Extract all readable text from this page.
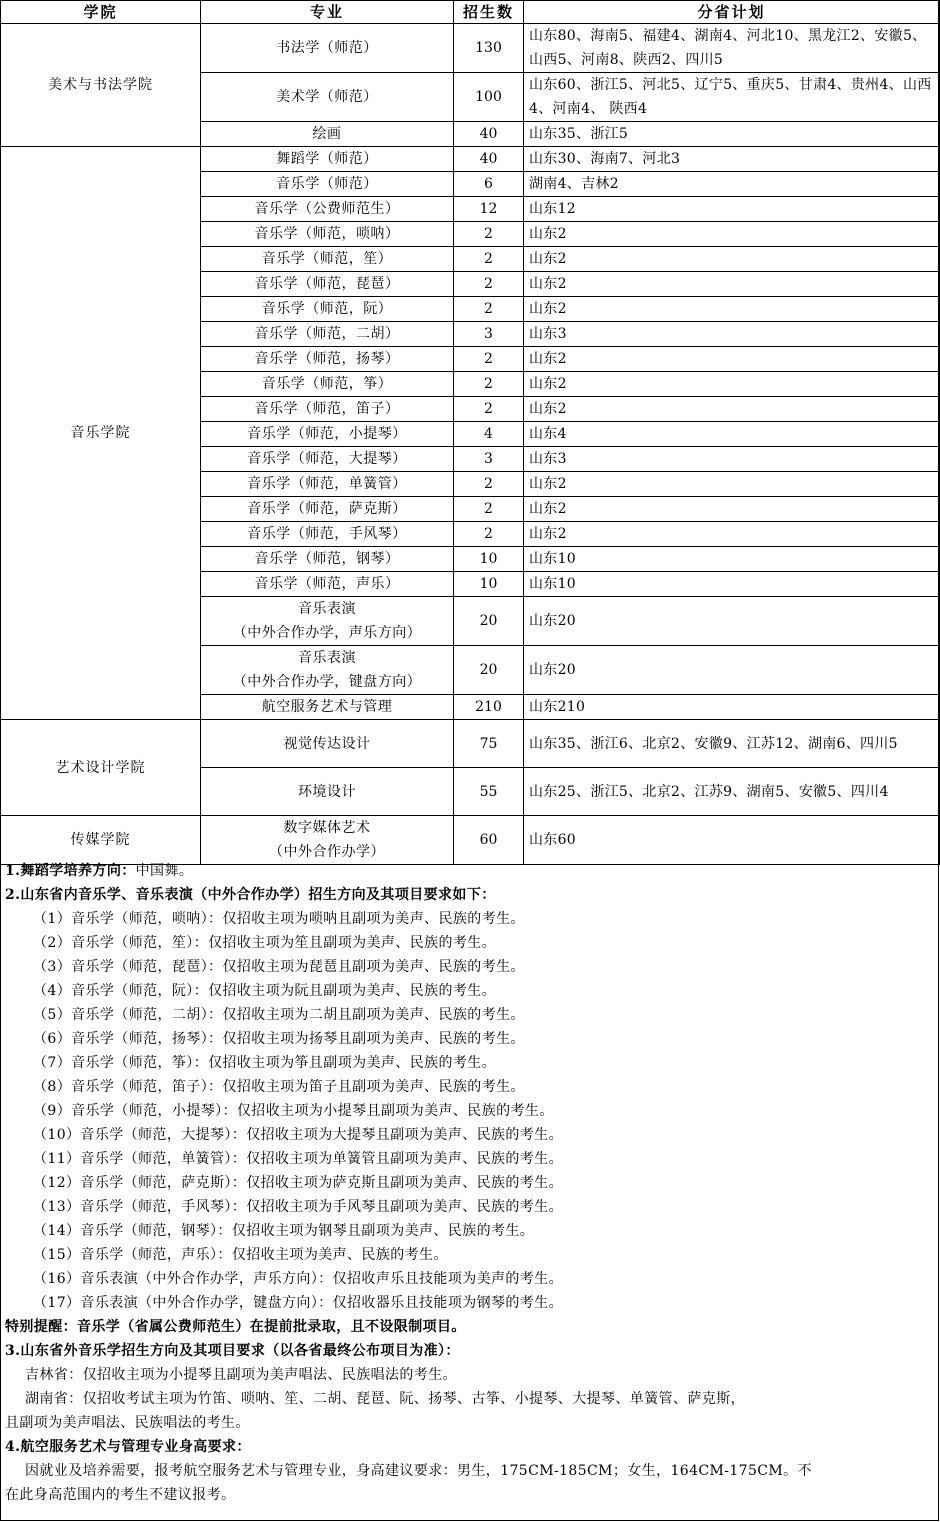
学院	专业	招生数	分省计划
美术与书法学院	书法学（师范）	130	山东80、海南5、福建4、湖南4、河北10、黑龙江2、安徽5、山西5、河南8、陕西2、四川5
	美术学（师范）	100	山东60、浙江5、河北5、辽宁5、重庆5、甘肃4、贵州4、山西4、河南4、 陕西4
	绘画	40	山东35、浙江5
音乐学院	舞蹈学（师范）	40	山东30、海南7、河北3
	音乐学（师范）	6	湖南4、吉林2
	音乐学（公费师范生）	12	山东12
	音乐学（师范，唢呐）	2	山东2
	音乐学（师范，笙）	2	山东2
	音乐学（师范，琵琶）	2	山东2
	音乐学（师范，阮）	2	山东2
	音乐学（师范，二胡）	3	山东3
	音乐学（师范，扬琴）	2	山东2
	音乐学（师范，筝）	2	山东2
	音乐学（师范，笛子）	2	山东2
	音乐学（师范，小提琴）	4	山东4
	音乐学（师范，大提琴）	3	山东3
	音乐学（师范，单簧管）	2	山东2
	音乐学（师范，萨克斯）	2	山东2
	音乐学（师范，手风琴）	2	山东2
	音乐学（师范，钢琴）	10	山东10
	音乐学（师范，声乐）	10	山东10

	音乐表演
（中外合作办学，声乐方向）	20	山东20

	音乐表演
（中外合作办学，键盘方向）	20	山东20
	航空服务艺术与管理	210	山东210
艺术设计学院	视觉传达设计	75	山东35、浙江6、北京2、安徽9、江苏12、湖南6、四川5
	环境设计	55	山东25、浙江5、北京2、江苏9、湖南5、安徽5、四川4
传媒学院	数字媒体艺术
（中外合作办学）	60	山东60
1.舞蹈学培养方向：中国舞。
2.山东省内音乐学、音乐表演（中外合作办学）招生方向及其项目要求如下：
（1）音乐学（师范，唢呐）：仅招收主项为唢呐且副项为美声、民族的考生。
（2）音乐学（师范，笙）：仅招收主项为笙且副项为美声、民族的考生。
（3）音乐学（师范，琵琶）：仅招收主项为琵琶且副项为美声、民族的考生。
（4）音乐学（师范，阮）：仅招收主项为阮且副项为美声、民族的考生。
（5）音乐学（师范，二胡）：仅招收主项为二胡且副项为美声、民族的考生。
（6）音乐学（师范，扬琴）：仅招收主项为扬琴且副项为美声、民族的考生。
（7）音乐学（师范，筝）：仅招收主项为筝且副项为美声、民族的考生。
（8）音乐学（师范，笛子）：仅招收主项为笛子且副项为美声、民族的考生。
（9）音乐学（师范，小提琴）：仅招收主项为小提琴且副项为美声、民族的考生。
（10）音乐学（师范，大提琴）：仅招收主项为大提琴且副项为美声、民族的考生。
（11）音乐学（师范，单簧管）：仅招收主项为单簧管且副项为美声、民族的考生。
（12）音乐学（师范，萨克斯）：仅招收主项为萨克斯且副项为美声、民族的考生。
（13）音乐学（师范，手风琴）：仅招收主项为手风琴且副项为美声、民族的考生。
（14）音乐学（师范，钢琴）：仅招收主项为钢琴且副项为美声、民族的考生。
（15）音乐学（师范，声乐）：仅招收主项为美声、民族的考生。
（16）音乐表演（中外合作办学，声乐方向）：仅招收声乐且技能项为美声的考生。
（17）音乐表演（中外合作办学，键盘方向）：仅招收器乐且技能项为钢琴的考生。
特别提醒：音乐学（省属公费师范生）在提前批录取，且不设限制项目。
3.山东省外音乐学招生方向及其项目要求（以各省最终公布项目为准）：
吉林省：仅招收主项为小提琴且副项为美声唱法、民族唱法的考生。
湖南省：仅招收考试主项为竹笛、唢呐、笙、二胡、琵琶、阮、扬琴、古筝、小提琴、大提琴、单簧管、萨克斯，
且副项为美声唱法、民族唱法的考生。
4.航空服务艺术与管理专业身高要求：
因就业及培养需要，报考航空服务艺术与管理专业，身高建议要求：男生，175CM-185CM；女生，164CM-175CM。不
在此身高范围内的考生不建议报考。
